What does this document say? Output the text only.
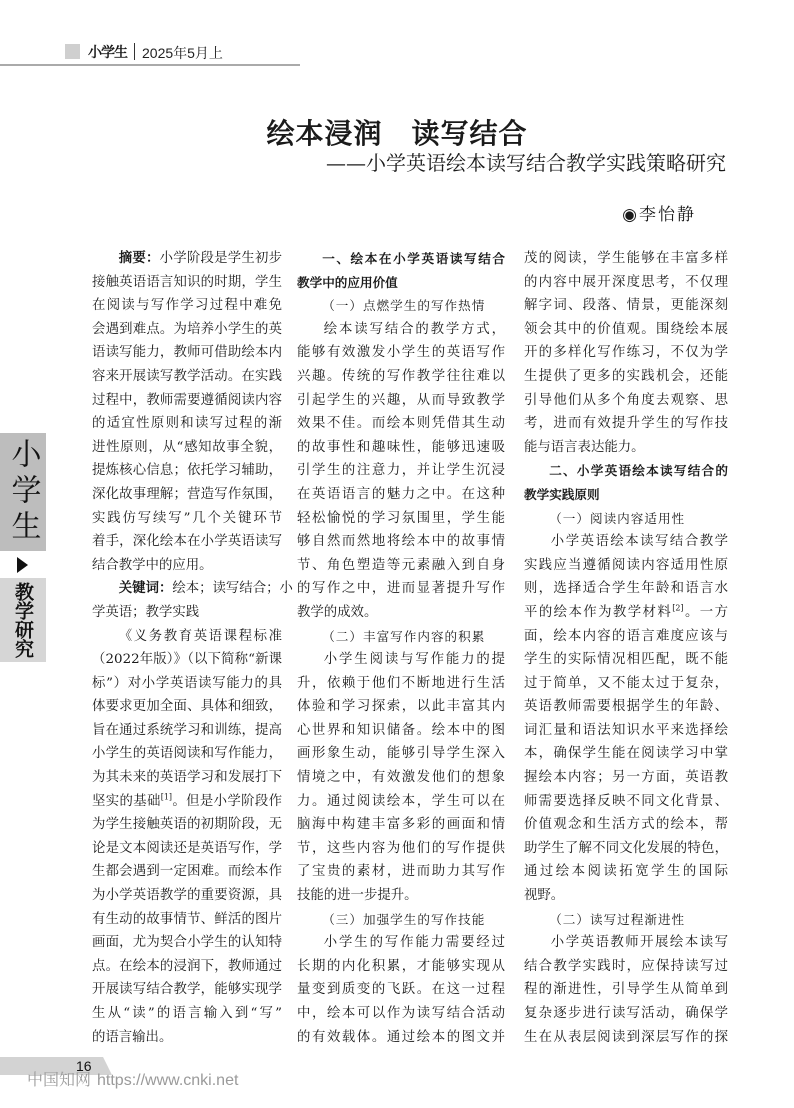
小学生 2025年5月上
绘本浸润　读写结合
——小学英语绘本读写结合教学实践策略研究
◉李怡静
小学生
教学研究
摘要：小学阶段是学生初步
接触英语语言知识的时期，学生
在阅读与写作学习过程中难免
会遇到难点。为培养小学生的英
语读写能力，教师可借助绘本内
容来开展读写教学活动。在实践
过程中，教师需要遵循阅读内容
的适宜性原则和读写过程的渐
进性原则，从“感知故事全貌，
提炼核心信息；依托学习辅助，
深化故事理解；营造写作氛围，
实践仿写续写”几个关键环节
着手，深化绘本在小学英语读写
结合教学中的应用。
关键词：绘本；读写结合；小
学英语；教学实践
《义务教育英语课程标准
（2022年版）》（以下简称“新课
标”）对小学英语读写能力的具
体要求更加全面、具体和细致，
旨在通过系统学习和训练，提高
小学生的英语阅读和写作能力，
为其未来的英语学习和发展打下
坚实的基础[1]。但是小学阶段作
为学生接触英语的初期阶段，无
论是文本阅读还是英语写作，学
生都会遇到一定困难。而绘本作
为小学英语教学的重要资源，具
有生动的故事情节、鲜活的图片
画面，尤为契合小学生的认知特
点。在绘本的浸润下，教师通过
开展读写结合教学，能够实现学
生从“读”的语言输入到“写”
的语言输出。
一、绘本在小学英语读写结合
教学中的应用价值
（一）点燃学生的写作热情
绘本读写结合的教学方式，
能够有效激发小学生的英语写作
兴趣。传统的写作教学往往难以
引起学生的兴趣，从而导致教学
效果不佳。而绘本则凭借其生动
的故事性和趣味性，能够迅速吸
引学生的注意力，并让学生沉浸
在英语语言的魅力之中。在这种
轻松愉悦的学习氛围里，学生能
够自然而然地将绘本中的故事情
节、角色塑造等元素融入到自身
的写作之中，进而显著提升写作
教学的成效。
（二）丰富写作内容的积累
小学生阅读与写作能力的提
升，依赖于他们不断地进行生活
体验和学习探索，以此丰富其内
心世界和知识储备。绘本中的图
画形象生动，能够引导学生深入
情境之中，有效激发他们的想象
力。通过阅读绘本，学生可以在
脑海中构建丰富多彩的画面和情
节，这些内容为他们的写作提供
了宝贵的素材，进而助力其写作
技能的进一步提升。
（三）加强学生的写作技能
小学生的写作能力需要经过
长期的内化积累，才能够实现从
量变到质变的飞跃。在这一过程
中，绘本可以作为读写结合活动
的有效载体。通过绘本的图文并
茂的阅读，学生能够在丰富多样
的内容中展开深度思考，不仅理
解字词、段落、情景，更能深刻
领会其中的价值观。围绕绘本展
开的多样化写作练习，不仅为学
生提供了更多的实践机会，还能
引导他们从多个角度去观察、思
考，进而有效提升学生的写作技
能与语言表达能力。
二、小学英语绘本读写结合的
教学实践原则
（一）阅读内容适用性
小学英语绘本读写结合教学
实践应当遵循阅读内容适用性原
则，选择适合学生年龄和语言水
平的绘本作为教学材料[2]。一方
面，绘本内容的语言难度应该与
学生的实际情况相匹配，既不能
过于简单，又不能太过于复杂，
英语教师需要根据学生的年龄、
词汇量和语法知识水平来选择绘
本，确保学生能在阅读学习中掌
握绘本内容；另一方面，英语教
师需要选择反映不同文化背景、
价值观念和生活方式的绘本，帮
助学生了解不同文化发展的特色，
通过绘本阅读拓宽学生的国际
视野。
（二）读写过程渐进性
小学英语教师开展绘本读写
结合教学实践时，应保持读写过
程的渐进性，引导学生从简单到
复杂逐步进行读写活动，确保学
生在从表层阅读到深层写作的探
中国知网 https://www.cnki.net
16
